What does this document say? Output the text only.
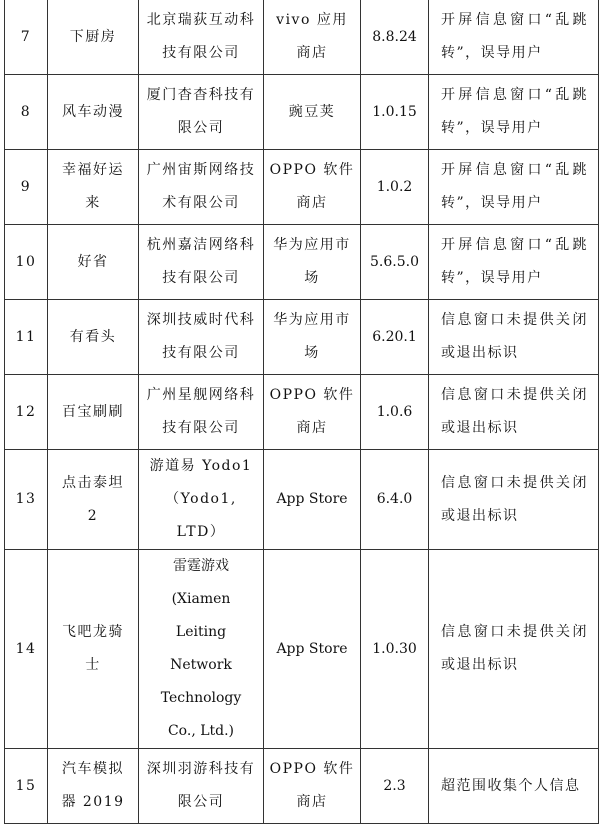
7	下厨房	北京瑞荻互动科技有限公司	vivo 应用商店	8.8.24	开屏信息窗口“乱跳转”，误导用户
8	风车动漫	厦门杳杳科技有限公司	豌豆荚	1.0.15	开屏信息窗口“乱跳转”，误导用户
9	幸福好运来	广州宙斯网络技术有限公司	OPPO 软件商店	1.0.2	开屏信息窗口“乱跳转”，误导用户
10	好省	杭州嘉洁网络科技有限公司	华为应用市场	5.6.5.0	开屏信息窗口“乱跳转”，误导用户
11	有看头	深圳技威时代科技有限公司	华为应用市场	6.20.1	信息窗口未提供关闭或退出标识
12	百宝刷刷	广州星舰网络科技有限公司	OPPO 软件商店	1.0.6	信息窗口未提供关闭或退出标识
13	点击泰坦 2	游道易 Yodo1（Yodo1, LTD）	App Store	6.4.0	信息窗口未提供关闭或退出标识
14	飞吧龙骑士	雷霆游戏 (Xiamen Leiting Network Technology Co., Ltd.)	App Store	1.0.30	信息窗口未提供关闭或退出标识
15	汽车模拟器 2019	深圳羽游科技有限公司	OPPO 软件商店	2.3	超范围收集个人信息
